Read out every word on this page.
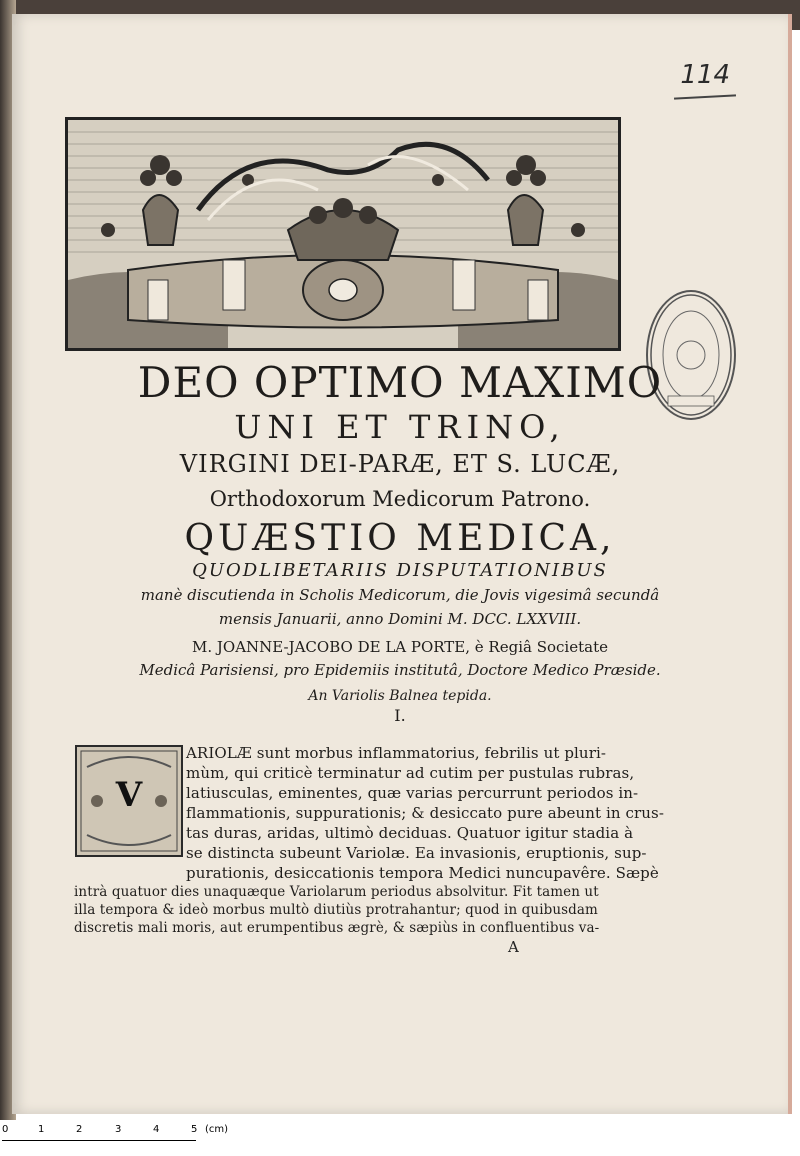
114
DEO OPTIMO MAXIMO
UNI ET TRINO,
VIRGINI DEI-PARÆ, ET S. LUCÆ,
Orthodoxorum Medicorum Patrono.
QUÆSTIO MEDICA,
QUODLIBETARIIS DISPUTATIONIBUS
manè discutienda in Scholis Medicorum, die Jovis vigesimâ secundâ
mensis Januarii, anno Domini M. DCC. LXXVIII.
M. JOANNE-JACOBO DE LA PORTE, è Regiâ Societate
Medicâ Parisiensi, pro Epidemiis institutâ, Doctore Medico Præside.
An Variolis Balnea tepida.
I.
V
ARIOLÆ sunt morbus inflammatorius, febrilis ut pluri-
mùm, qui criticè terminatur ad cutim per pustulas rubras,
latiusculas, eminentes, quæ varias percurrunt periodos in-
flammationis, suppurationis; & desiccato pure abeunt in crus-
tas duras, aridas, ultimò deciduas. Quatuor igitur stadia à
se distincta subeunt Variolæ. Ea invasionis, eruptionis, sup-
purationis, desiccationis tempora Medici nuncupavêre. Sæpè
intrà quatuor dies unaquæque Variolarum periodus absolvitur. Fit tamen ut
illa tempora & ideò morbus multò diutiùs protrahantur; quod in quibusdam
discretis mali moris, aut erumpentibus ægrè, & sæpiùs in confluentibus va-
A
0	1	2	3	4	5 (cm)
